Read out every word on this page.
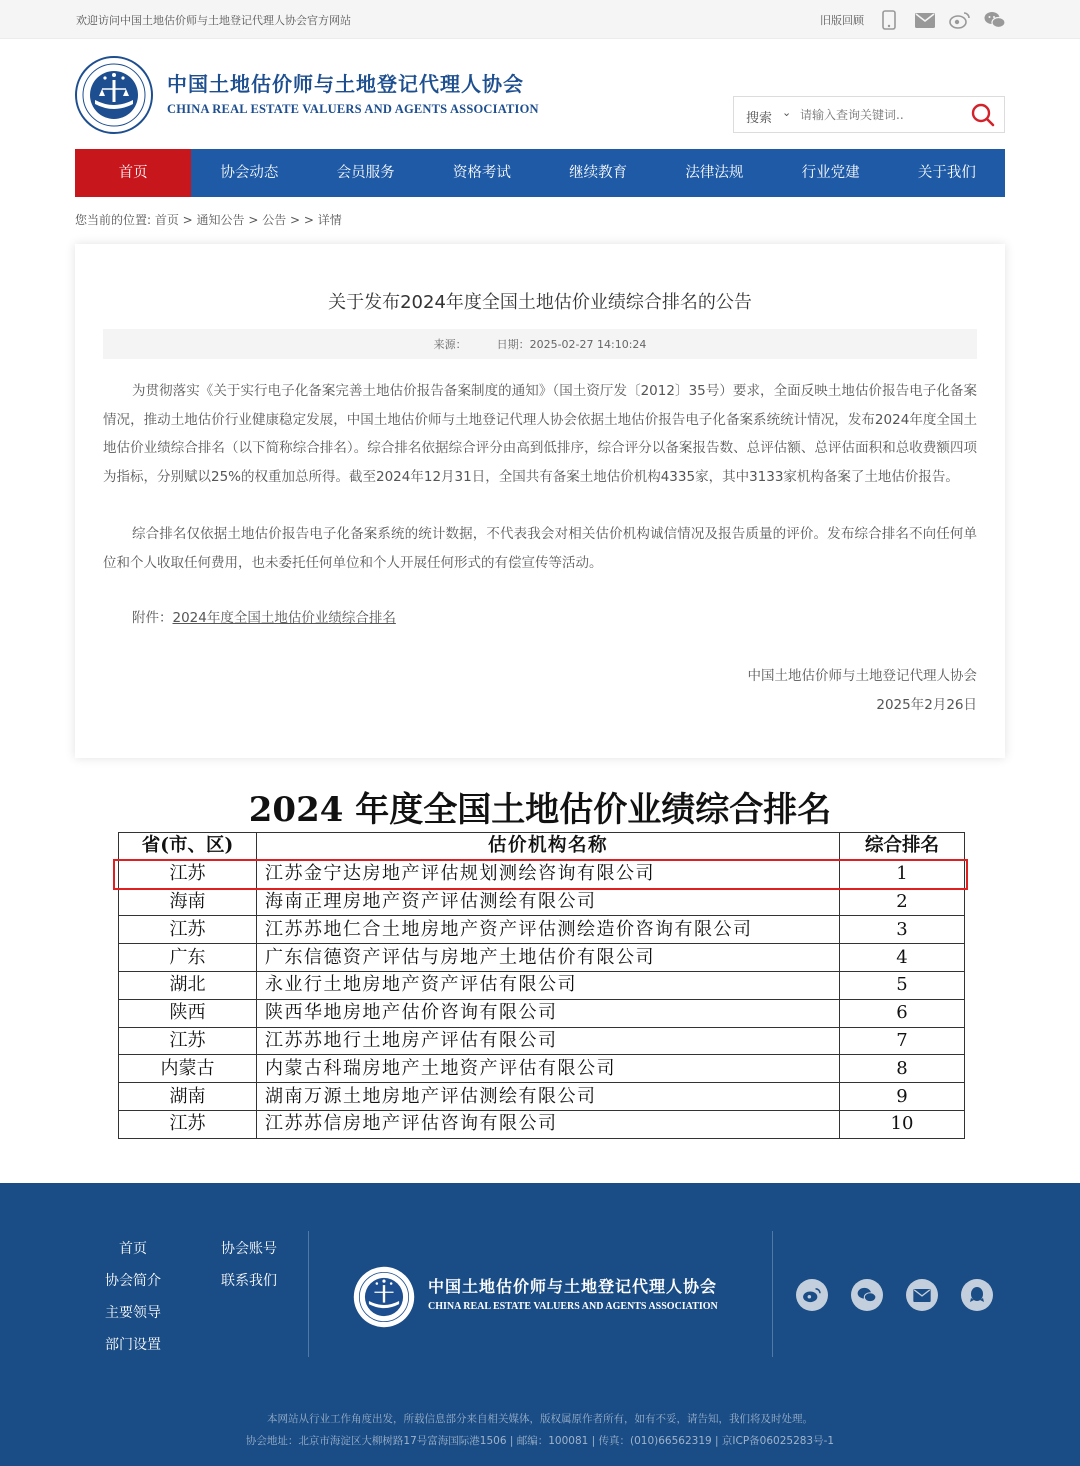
欢迎访问中国土地估价师与土地登记代理人协会官方网站	旧版回顾
中国土地估价师与土地登记代理人协会
CHINA REAL ESTATE VALUERS AND AGENTS ASSOCIATION
搜索 ⌄
请输入查询关键词..
首页	协会动态	会员服务	资格考试	继续教育	法律法规	行业党建	关于我们
您当前的位置: 首页 > 通知公告 > 公告 > > 详情
关于发布2024年度全国土地估价业绩综合排名的公告
来源：	日期：2025-02-27 14:10:24

为贯彻落实《关于实行电子化备案完善土地估价报告备案制度的通知》（国土资厅发〔2012〕35号）要求，全面反映土地估价报告电子化备案情况，推动土地估价行业健康稳定发展，中国土地估价师与土地登记代理人协会依据土地估价报告电子化备案系统统计情况，发布2024年度全国土地估价业绩综合排名（以下简称综合排名）。综合排名依据综合评分由高到低排序，综合评分以备案报告数、总评估额、总评估面积和总收费额四项为指标，分别赋以25%的权重加总所得。截至2024年12月31日，全国共有备案土地估价机构4335家，其中3133家机构备案了土地估价报告。

综合排名仅依据土地估价报告电子化备案系统的统计数据，不代表我会对相关估价机构诚信情况及报告质量的评价。发布综合排名不向任何单位和个人收取任何费用，也未委托任何单位和个人开展任何形式的有偿宣传等活动。

附件：2024年度全国土地估价业绩综合排名
中国土地估价师与土地登记代理人协会
2025年2月26日
2024 年度全国土地估价业绩综合排名
省(市、区)	估价机构名称	综合排名
江苏	江苏金宁达房地产评估规划测绘咨询有限公司	1
海南	海南正理房地产资产评估测绘有限公司	2
江苏	江苏苏地仁合土地房地产资产评估测绘造价咨询有限公司	3
广东	广东信德资产评估与房地产土地估价有限公司	4
湖北	永业行土地房地产资产评估有限公司	5
陕西	陕西华地房地产估价咨询有限公司	6
江苏	江苏苏地行土地房产评估有限公司	7
内蒙古	内蒙古科瑞房地产土地资产评估有限公司	8
湖南	湖南万源土地房地产评估测绘有限公司	9
江苏	江苏苏信房地产评估咨询有限公司	10
首页
协会简介
主要领导
部门设置
协会账号
联系我们	中国土地估价师与土地登记代理人协会
CHINA REAL ESTATE VALUERS AND AGENTS ASSOCIATION
本网站从行业工作角度出发，所载信息部分来自相关媒体，版权属原作者所有，如有不妥，请告知，我们将及时处理。
协会地址：北京市海淀区大柳树路17号富海国际港1506 | 邮编：100081 | 传真：(010)66562319 | 京ICP备06025283号-1
